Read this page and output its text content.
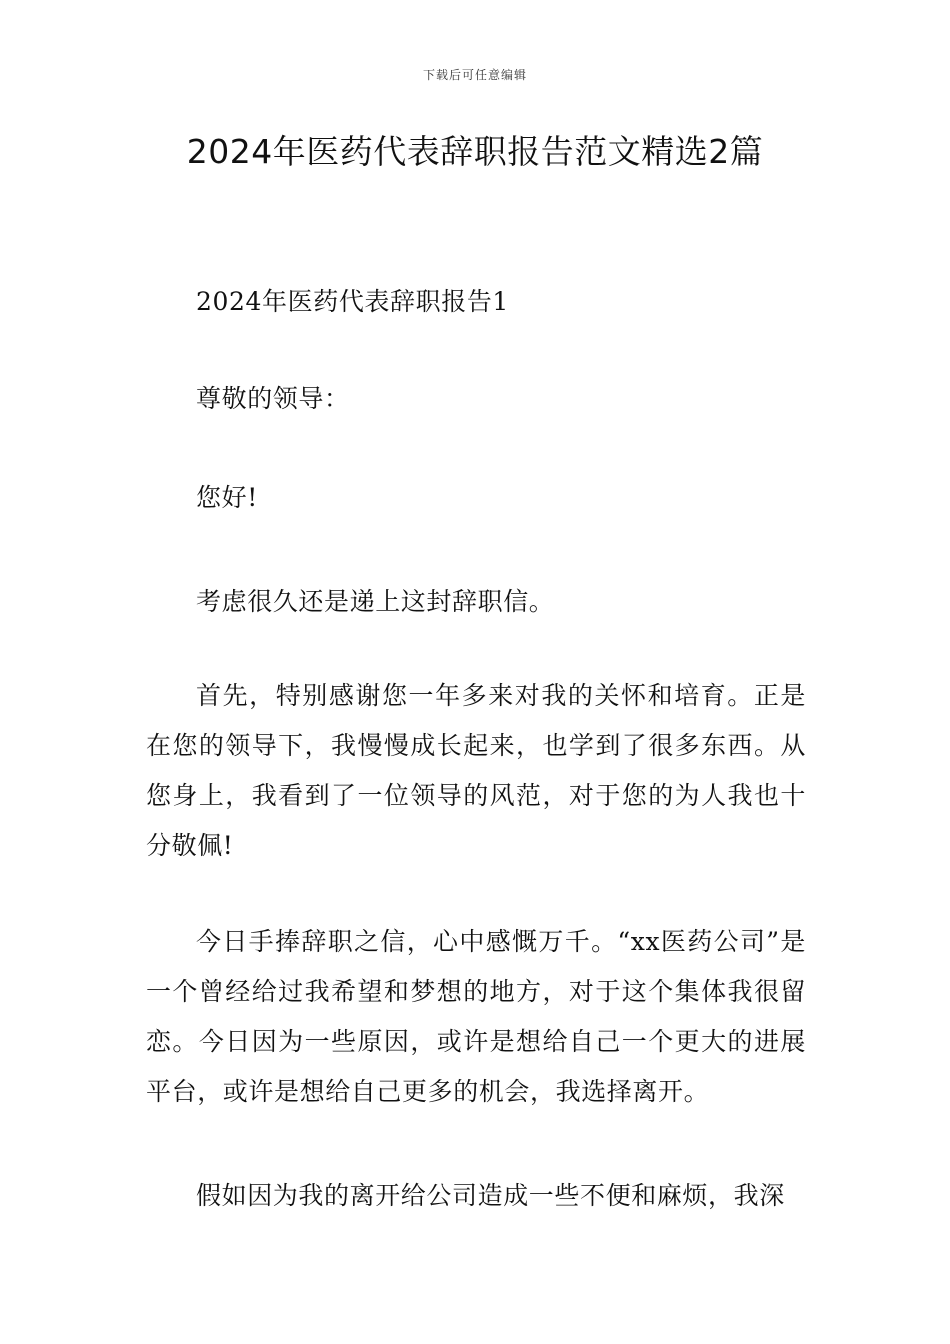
下载后可任意编辑
2024年医药代表辞职报告范文精选2篇
2024年医药代表辞职报告1
尊敬的领导：
您好!
考虑很久还是递上这封辞职信。
首先，特别感谢您一年多来对我的关怀和培育。正是在您的领导下，我慢慢成长起来，也学到了很多东西。从您身上，我看到了一位领导的风范，对于您的为人我也十分敬佩!
今日手捧辞职之信，心中感慨万千。“xx医药公司”是一个曾经给过我希望和梦想的地方，对于这个集体我很留恋。今日因为一些原因，或许是想给自己一个更大的进展平台，或许是想给自己更多的机会，我选择离开。
假如因为我的离开给公司造成一些不便和麻烦，我深
